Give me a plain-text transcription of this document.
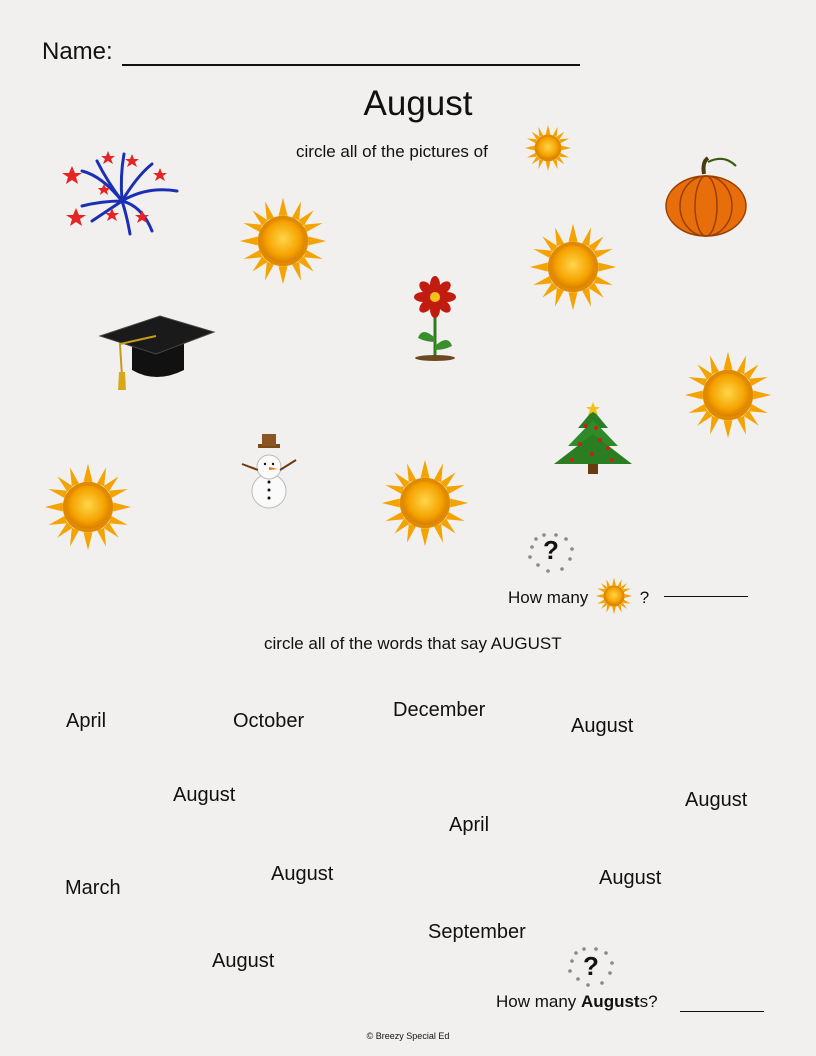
Name:
August
circle all of the pictures of
?
How many	?
circle all of the words that say AUGUST
April	October	December
August
August	August
April
March
August	August
September
August	?
How many Augusts?
© Breezy Special Ed
